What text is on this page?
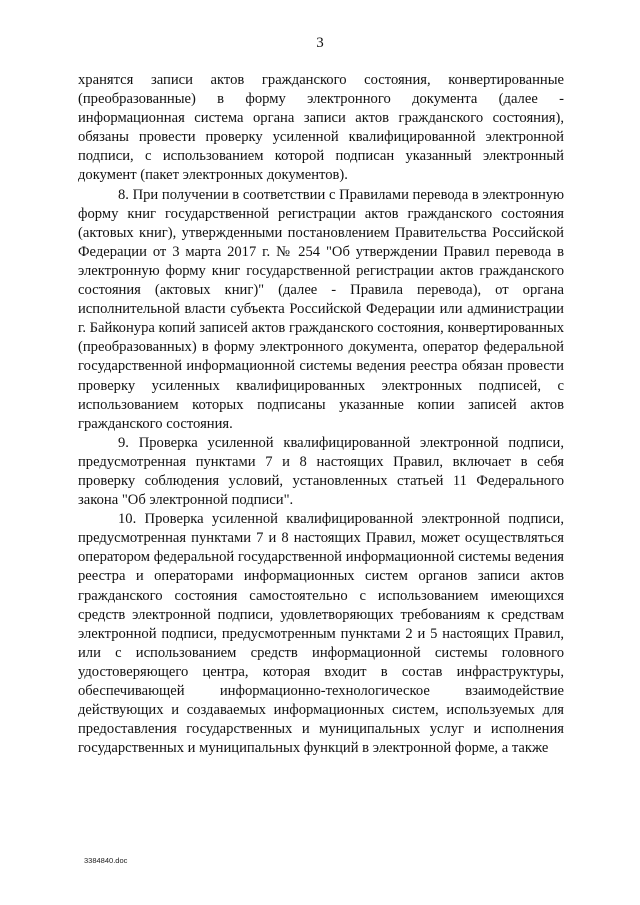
3

хранятся записи актов гражданского состояния, конвертированные (преобразованные) в форму электронного документа (далее - информационная система органа записи актов гражданского состояния), обязаны провести проверку усиленной квалифицированной электронной подписи, с использованием которой подписан указанный электронный документ (пакет электронных документов).

8. При получении в соответствии с Правилами перевода в электронную форму книг государственной регистрации актов гражданского состояния (актовых книг), утвержденными постановлением Правительства Российской Федерации от 3 марта 2017 г. № 254 "Об утверждении Правил перевода в электронную форму книг государственной регистрации актов гражданского состояния (актовых книг)" (далее - Правила перевода), от органа исполнительной власти субъекта Российской Федерации или администрации г. Байконура копий записей актов гражданского состояния, конвертированных (преобразованных) в форму электронного документа, оператор федеральной государственной информационной системы ведения реестра обязан провести проверку усиленных квалифицированных электронных подписей, с использованием которых подписаны указанные копии записей актов гражданского состояния.

9. Проверка усиленной квалифицированной электронной подписи, предусмотренная пунктами 7 и 8 настоящих Правил, включает в себя проверку соблюдения условий, установленных статьей 11 Федерального закона "Об электронной подписи".

10. Проверка усиленной квалифицированной электронной подписи, предусмотренная пунктами 7 и 8 настоящих Правил, может осуществляться оператором федеральной государственной информационной системы ведения реестра и операторами информационных систем органов записи актов гражданского состояния самостоятельно с использованием имеющихся средств электронной подписи, удовлетворяющих требованиям к средствам электронной подписи, предусмотренным пунктами 2 и 5 настоящих Правил, или с использованием средств информационной системы головного удостоверяющего центра, которая входит в состав инфраструктуры, обеспечивающей информационно-технологическое взаимодействие действующих и создаваемых информационных систем, используемых для предоставления государственных и муниципальных услуг и исполнения государственных и муниципальных функций в электронной форме, а также

3384840.doc
